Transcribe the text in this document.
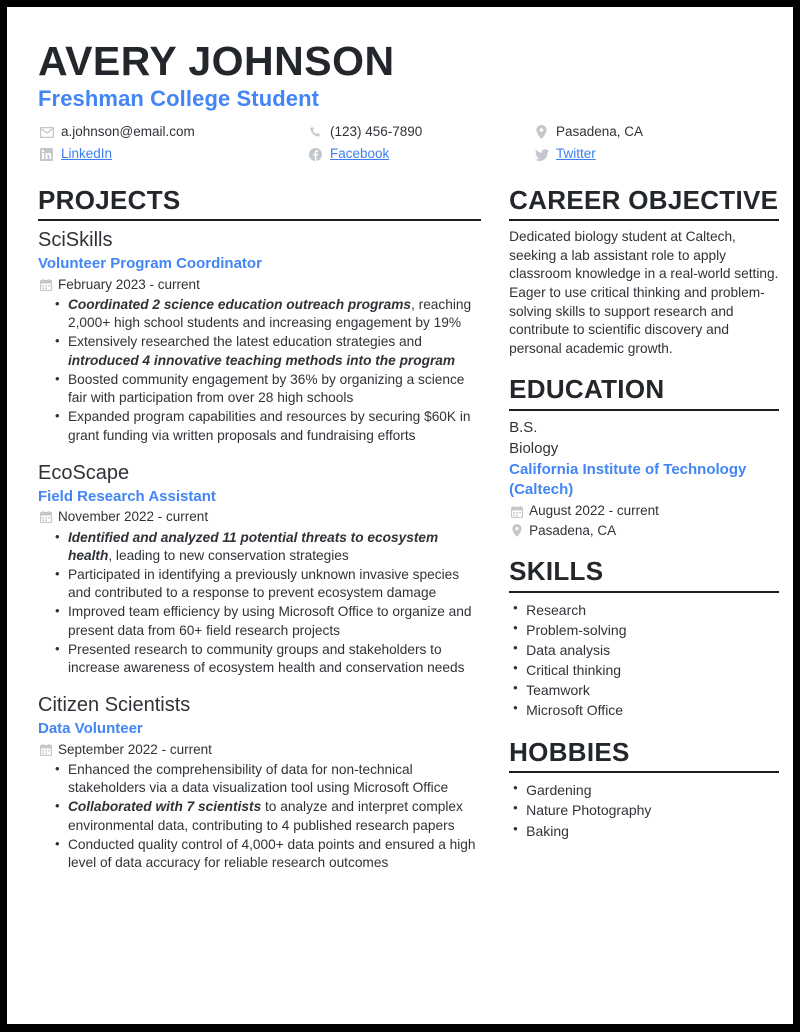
AVERY JOHNSON
Freshman College Student
a.johnson@email.com	(123) 456-7890	Pasadena, CA
LinkedIn	Facebook	Twitter
PROJECTS
SciSkills
Volunteer Program Coordinator
February 2023 - current
• Coordinated 2 science education outreach programs, reaching 2,000+ high school students and increasing engagement by 19%
• Extensively researched the latest education strategies and introduced 4 innovative teaching methods into the program
• Boosted community engagement by 36% by organizing a science fair with participation from over 28 high schools
• Expanded program capabilities and resources by securing $60K in grant funding via written proposals and fundraising efforts
EcoScape
Field Research Assistant
November 2022 - current
• Identified and analyzed 11 potential threats to ecosystem health, leading to new conservation strategies
• Participated in identifying a previously unknown invasive species and contributed to a response to prevent ecosystem damage
• Improved team efficiency by using Microsoft Office to organize and present data from 60+ field research projects
• Presented research to community groups and stakeholders to increase awareness of ecosystem health and conservation needs
Citizen Scientists
Data Volunteer
September 2022 - current
• Enhanced the comprehensibility of data for non-technical stakeholders via a data visualization tool using Microsoft Office
• Collaborated with 7 scientists to analyze and interpret complex environmental data, contributing to 4 published research papers
• Conducted quality control of 4,000+ data points and ensured a high level of data accuracy for reliable research outcomes
CAREER OBJECTIVE
Dedicated biology student at Caltech, seeking a lab assistant role to apply classroom knowledge in a real-world setting. Eager to use critical thinking and problem-solving skills to support research and contribute to scientific discovery and personal academic growth.
EDUCATION
B.S.
Biology
California Institute of Technology (Caltech)
August 2022 - current
Pasadena, CA
SKILLS
• Research
• Problem-solving
• Data analysis
• Critical thinking
• Teamwork
• Microsoft Office
HOBBIES
• Gardening
• Nature Photography
• Baking
